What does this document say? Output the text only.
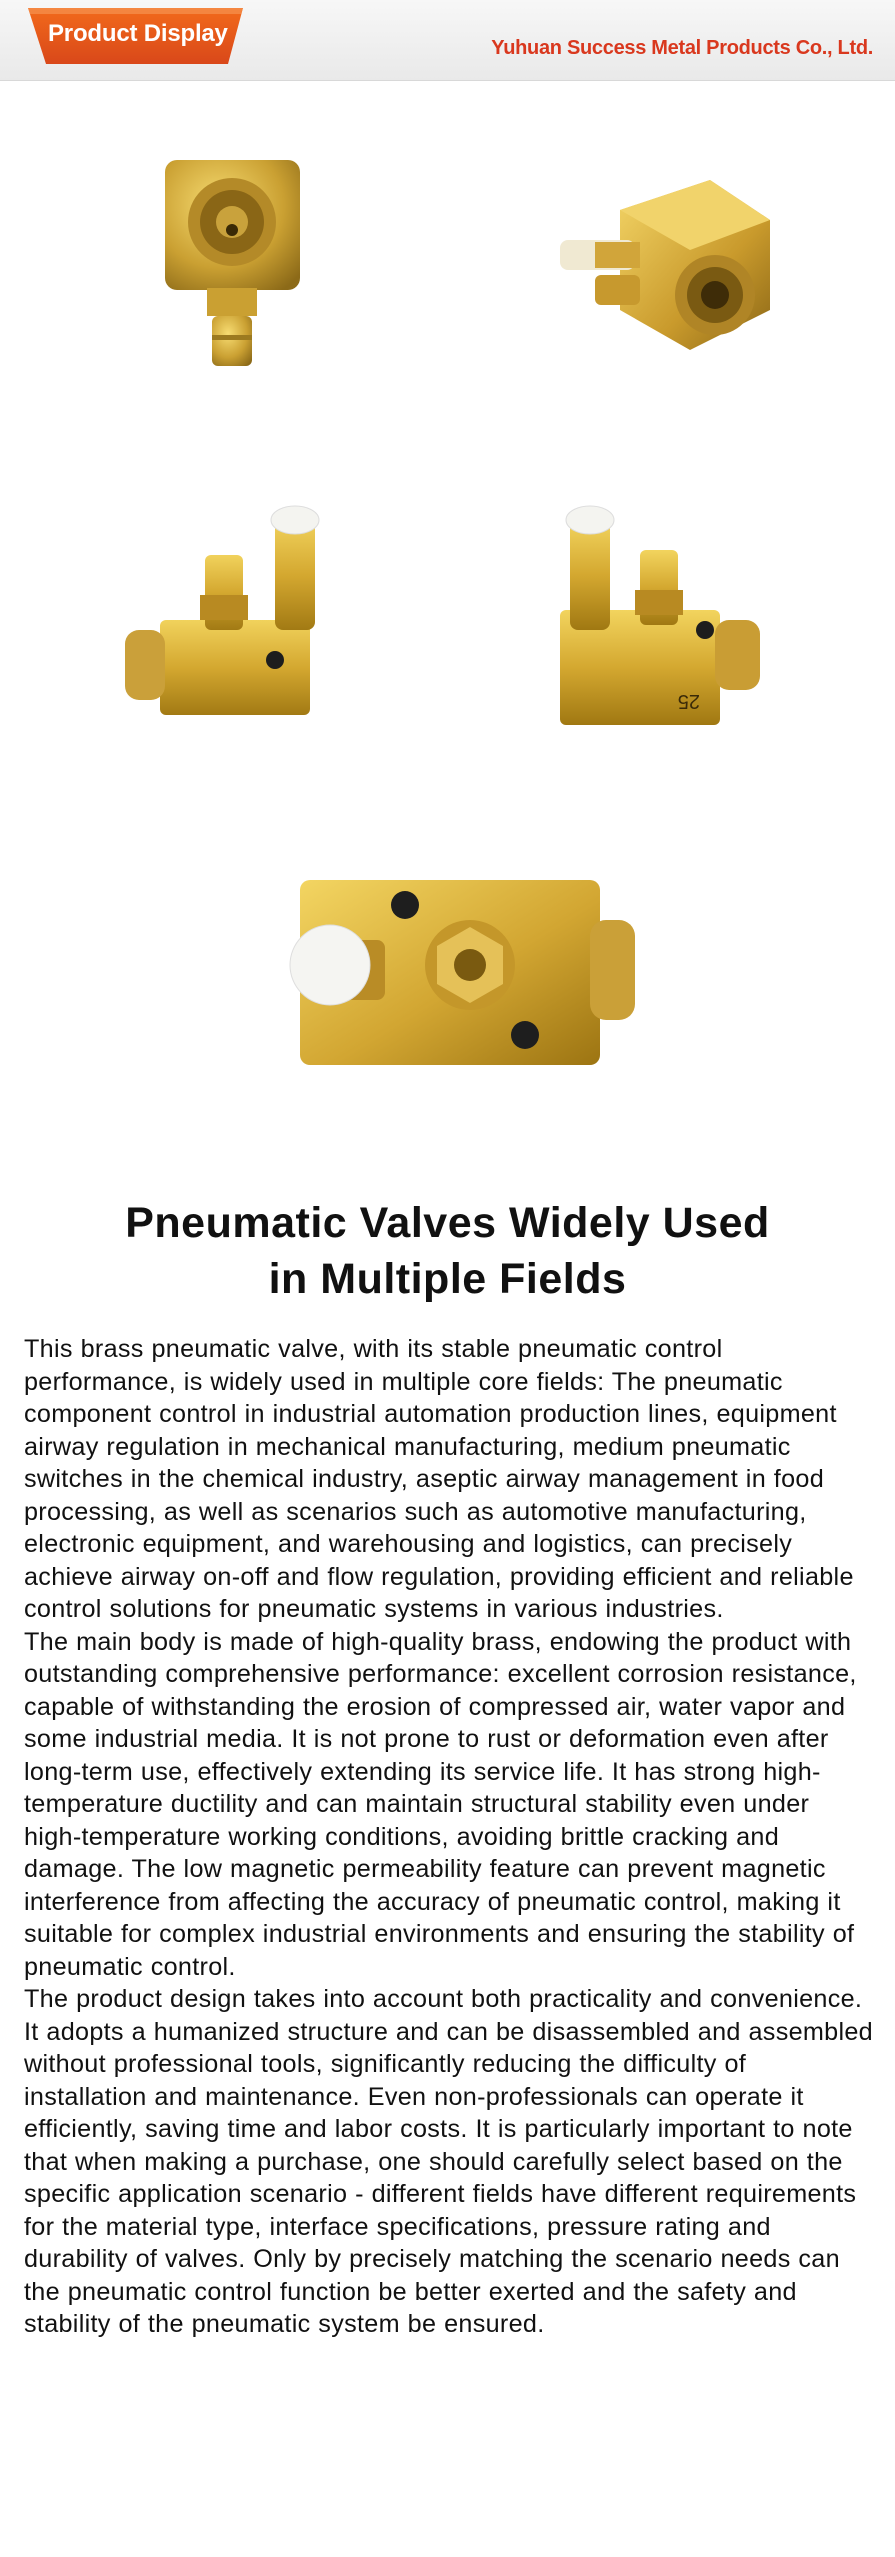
Product Display
Yuhuan Success Metal Products Co., Ltd.
25
Pneumatic Valves Widely Used
in Multiple Fields

This brass pneumatic valve, with its stable pneumatic control performance, is widely used in multiple core fields: The pneumatic component control in industrial automation production lines, equipment airway regulation in mechanical manufacturing, medium pneumatic switches in the chemical industry, aseptic airway management in food processing, as well as scenarios such as automotive manufacturing, electronic equipment, and warehousing and logistics, can precisely achieve airway on-off and flow regulation, providing efficient and reliable control solutions for pneumatic systems in various industries.

The main body is made of high-quality brass, endowing the product with outstanding comprehensive performance: excellent corrosion resistance, capable of withstanding the erosion of compressed air, water vapor and some industrial media. It is not prone to rust or deformation even after long-term use, effectively extending its service life. It has strong high-temperature ductility and can maintain structural stability even under high-temperature working conditions, avoiding brittle cracking and damage. The low magnetic permeability feature can prevent magnetic interference from affecting the accuracy of pneumatic control, making it suitable for complex industrial environments and ensuring the stability of pneumatic control.

The product design takes into account both practicality and convenience. It adopts a humanized structure and can be disassembled and assembled without professional tools, significantly reducing the difficulty of installation and maintenance. Even non-professionals can operate it efficiently, saving time and labor costs. It is particularly important to note that when making a purchase, one should carefully select based on the specific application scenario - different fields have different requirements for the material type, interface specifications, pressure rating and durability of valves. Only by precisely matching the scenario needs can the pneumatic control function be better exerted and the safety and stability of the pneumatic system be ensured.
